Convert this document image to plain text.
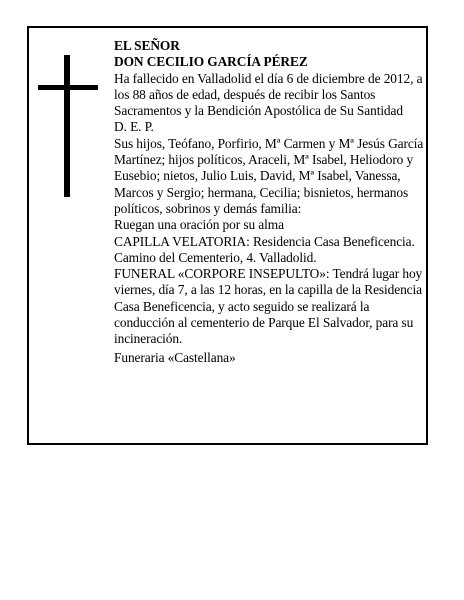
EL SEÑOR

DON CECILIO GARCÍA PÉREZ

Ha fallecido en Valladolid el día 6 de diciembre de 2012, a los 88 años de edad, después de recibir los Santos Sacramentos y la Bendición Apostólica de Su Santidad

D. E. P.

Sus hijos, Teófano, Porfirio, Mª Carmen y Mª Jesús García Martínez; hijos políticos, Araceli, Mª Isabel, Heliodoro y Eusebio; nietos, Julio Luis, David, Mª Isabel, Vanessa, Marcos y Sergio; hermana, Cecilia; bisnietos, hermanos políticos, sobrinos y demás familia:

Ruegan una oración por su alma

CAPILLA VELATORIA: Residencia Casa Beneficencia. Camino del Cementerio, 4. Valladolid.

FUNERAL «CORPORE INSEPULTO»: Tendrá lugar hoy viernes, día 7, a las 12 horas, en la capilla de la Residencia Casa Beneficencia, y acto seguido se realizará la conducción al cementerio de Parque El Salvador, para su incineración.

Funeraria «Castellana»
